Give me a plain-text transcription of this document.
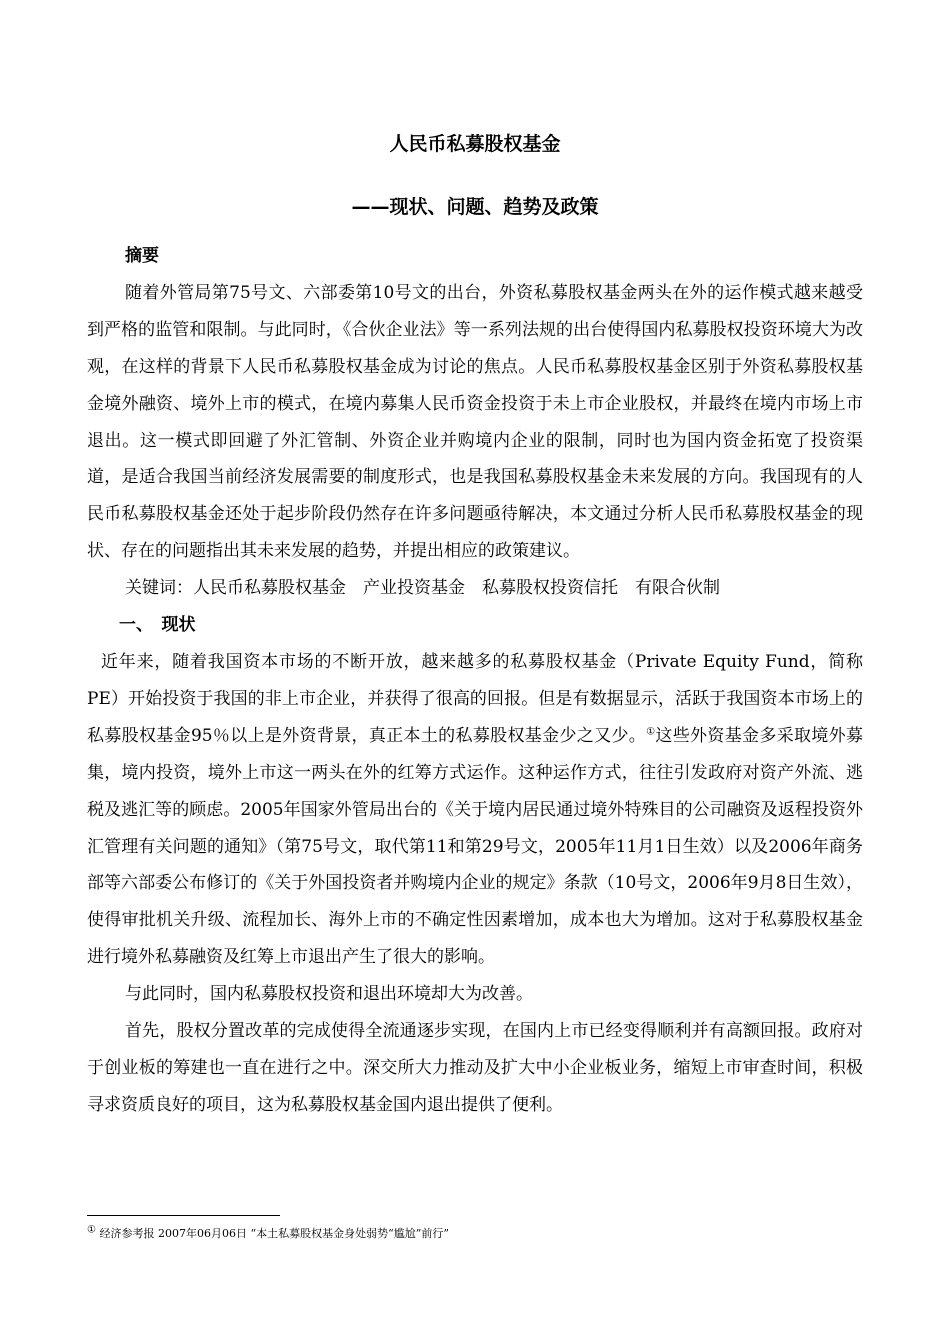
人民币私募股权基金
——现状、问题、趋势及政策

摘要

随着外管局第75号文、六部委第10号文的出台，外资私募股权基金两头在外的运作模式越来越受到严格的监管和限制。与此同时，《合伙企业法》等一系列法规的出台使得国内私募股权投资环境大为改观，在这样的背景下人民币私募股权基金成为讨论的焦点。人民币私募股权基金区别于外资私募股权基金境外融资、境外上市的模式，在境内募集人民币资金投资于未上市企业股权，并最终在境内市场上市退出。这一模式即回避了外汇管制、外资企业并购境内企业的限制，同时也为国内资金拓宽了投资渠道，是适合我国当前经济发展需要的制度形式，也是我国私募股权基金未来发展的方向。我国现有的人民币私募股权基金还处于起步阶段仍然存在许多问题亟待解决，本文通过分析人民币私募股权基金的现状、存在的问题指出其未来发展的趋势，并提出相应的政策建议。

关键词：人民币私募股权基金　产业投资基金　私募股权投资信托　有限合伙制

一、　现状

近年来，随着我国资本市场的不断开放，越来越多的私募股权基金（Private Equity Fund，简称PE）开始投资于我国的非上市企业，并获得了很高的回报。但是有数据显示，活跃于我国资本市场上的私募股权基金95％以上是外资背景，真正本土的私募股权基金少之又少。①这些外资基金多采取境外募集，境内投资，境外上市这一两头在外的红筹方式运作。这种运作方式，往往引发政府对资产外流、逃税及逃汇等的顾虑。2005年国家外管局出台的《关于境内居民通过境外特殊目的公司融资及返程投资外汇管理有关问题的通知》（第75号文，取代第11和第29号文，2005年11月1日生效）以及2006年商务部等六部委公布修订的《关于外国投资者并购境内企业的规定》条款（10号文，2006年9月8日生效），使得审批机关升级、流程加长、海外上市的不确定性因素增加，成本也大为增加。这对于私募股权基金进行境外私募融资及红筹上市退出产生了很大的影响。

与此同时，国内私募股权投资和退出环境却大为改善。

首先，股权分置改革的完成使得全流通逐步实现，在国内上市已经变得顺利并有高额回报。政府对于创业板的筹建也一直在进行之中。深交所大力推动及扩大中小企业板业务，缩短上市审查时间，积极寻求资质良好的项目，这为私募股权基金国内退出提供了便利。

① 经济参考报 2007年06月06日 “本土私募股权基金身处弱势“尴尬”前行”
